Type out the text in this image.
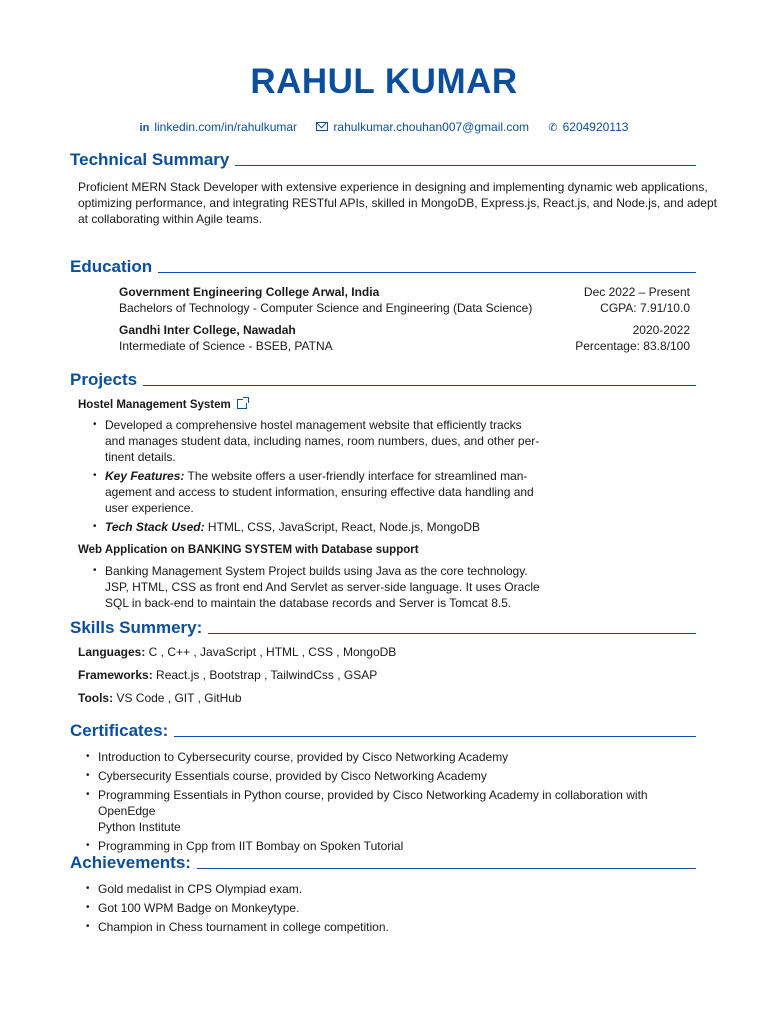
RAHUL KUMAR
in linkedin.com/in/rahulkumar	rahulkumar.chouhan007@gmail.com ✆ 6204920113
Technical Summary
Proficient MERN Stack Developer with extensive experience in designing and implementing dynamic web applications,
optimizing performance, and integrating RESTful APIs, skilled in MongoDB, Express.js, React.js, and Node.js, and adept
at collaborating within Agile teams.
Education
Government Engineering College Arwal, India
Bachelors of Technology - Computer Science and Engineering (Data Science)
Dec 2022 – Present
CGPA: 7.91/10.0
Gandhi Inter College, Nawadah
Intermediate of Science - BSEB, PATNA
2020-2022
Percentage: 83.8/100
Projects
Hostel Management System
• Developed a comprehensive hostel management website that efficiently tracks
and manages student data, including names, room numbers, dues, and other per-
tinent details.
• Key Features: The website offers a user-friendly interface for streamlined man-
agement and access to student information, ensuring effective data handling and
user experience.
• Tech Stack Used: HTML, CSS, JavaScript, React, Node.js, MongoDB
Web Application on BANKING SYSTEM with Database support
• Banking Management System Project builds using Java as the core technology.
JSP, HTML, CSS as front end And Servlet as server-side language. It uses Oracle
SQL in back-end to maintain the database records and Server is Tomcat 8.5.
Skills Summery:
Languages: C , C++ , JavaScript , HTML , CSS , MongoDB
Frameworks: React.js , Bootstrap , TailwindCss , GSAP
Tools: VS Code , GIT , GitHub
Certificates:
• Introduction to Cybersecurity course, provided by Cisco Networking Academy
• Cybersecurity Essentials course, provided by Cisco Networking Academy
• Programming Essentials in Python course, provided by Cisco Networking Academy in collaboration with OpenEdge
Python Institute
• Programming in Cpp from IIT Bombay on Spoken Tutorial
Achievements:
• Gold medalist in CPS Olympiad exam.
• Got 100 WPM Badge on Monkeytype.
• Champion in Chess tournament in college competition.
